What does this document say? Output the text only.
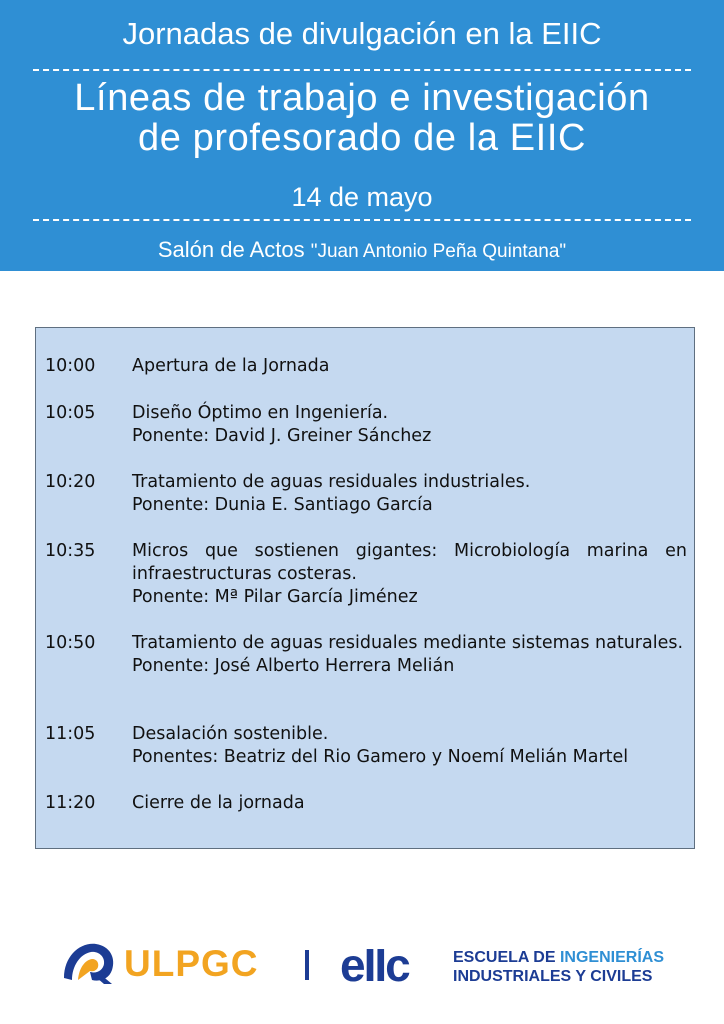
Jornadas de divulgación en la EIIC
Líneas de trabajo e investigación
de profesorado de la EIIC
14 de mayo
Salón de Actos "Juan Antonio Peña Quintana"
10:00	Apertura de la Jornada
10:05	Diseño Óptimo en Ingeniería.
Ponente: David J. Greiner Sánchez
10:20	Tratamiento de aguas residuales industriales.
Ponente: Dunia E. Santiago García
10:35	Micros que sostienen gigantes: Microbiología marina en infraestructuras costeras.
Ponente: Mª Pilar García Jiménez
10:50	Tratamiento de aguas residuales mediante sistemas naturales.
Ponente: José Alberto Herrera Melián
11:05	Desalación sostenible.
Ponentes: Beatriz del Rio Gamero y Noemí Melián Martel
11:20	Cierre de la jornada
ULPGC eIIc	ESCUELA DE INGENIERÍAS
INDUSTRIALES Y CIVILES
